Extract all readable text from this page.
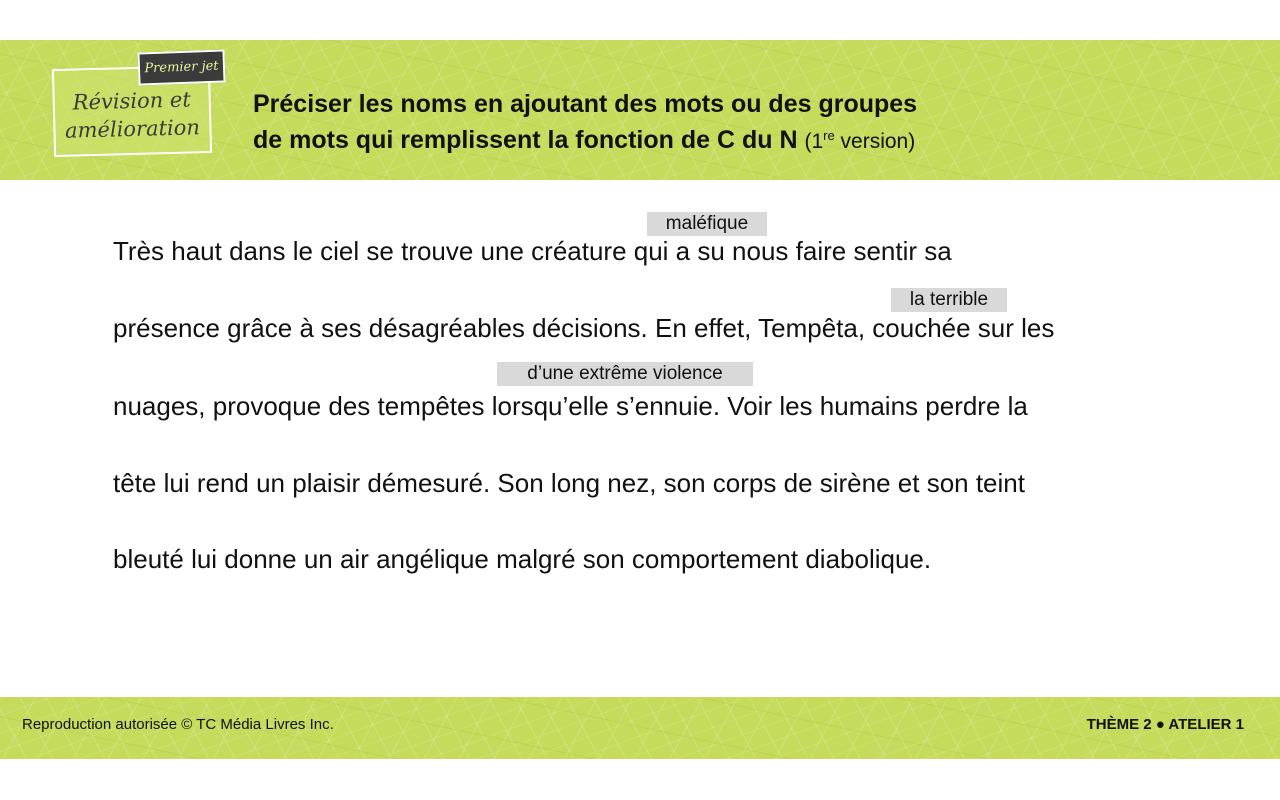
Révision et
amélioration
Premier jet
Préciser les noms en ajoutant des mots ou des groupes
de mots qui remplissent la fonction de C du N (1re version)
maléfique
la terrible
d’une extrême violence
Très haut dans le ciel se trouve une créature qui a su nous faire sentir sa
présence grâce à ses désagréables décisions. En effet, Tempêta, couchée sur les
nuages, provoque des tempêtes lorsqu’elle s’ennuie. Voir les humains perdre la
tête lui rend un plaisir démesuré. Son long nez, son corps de sirène et son teint
bleuté lui donne un air angélique malgré son comportement diabolique.
Reproduction autorisée © TC Média Livres Inc.	THÈME 2 ● ATELIER 1
